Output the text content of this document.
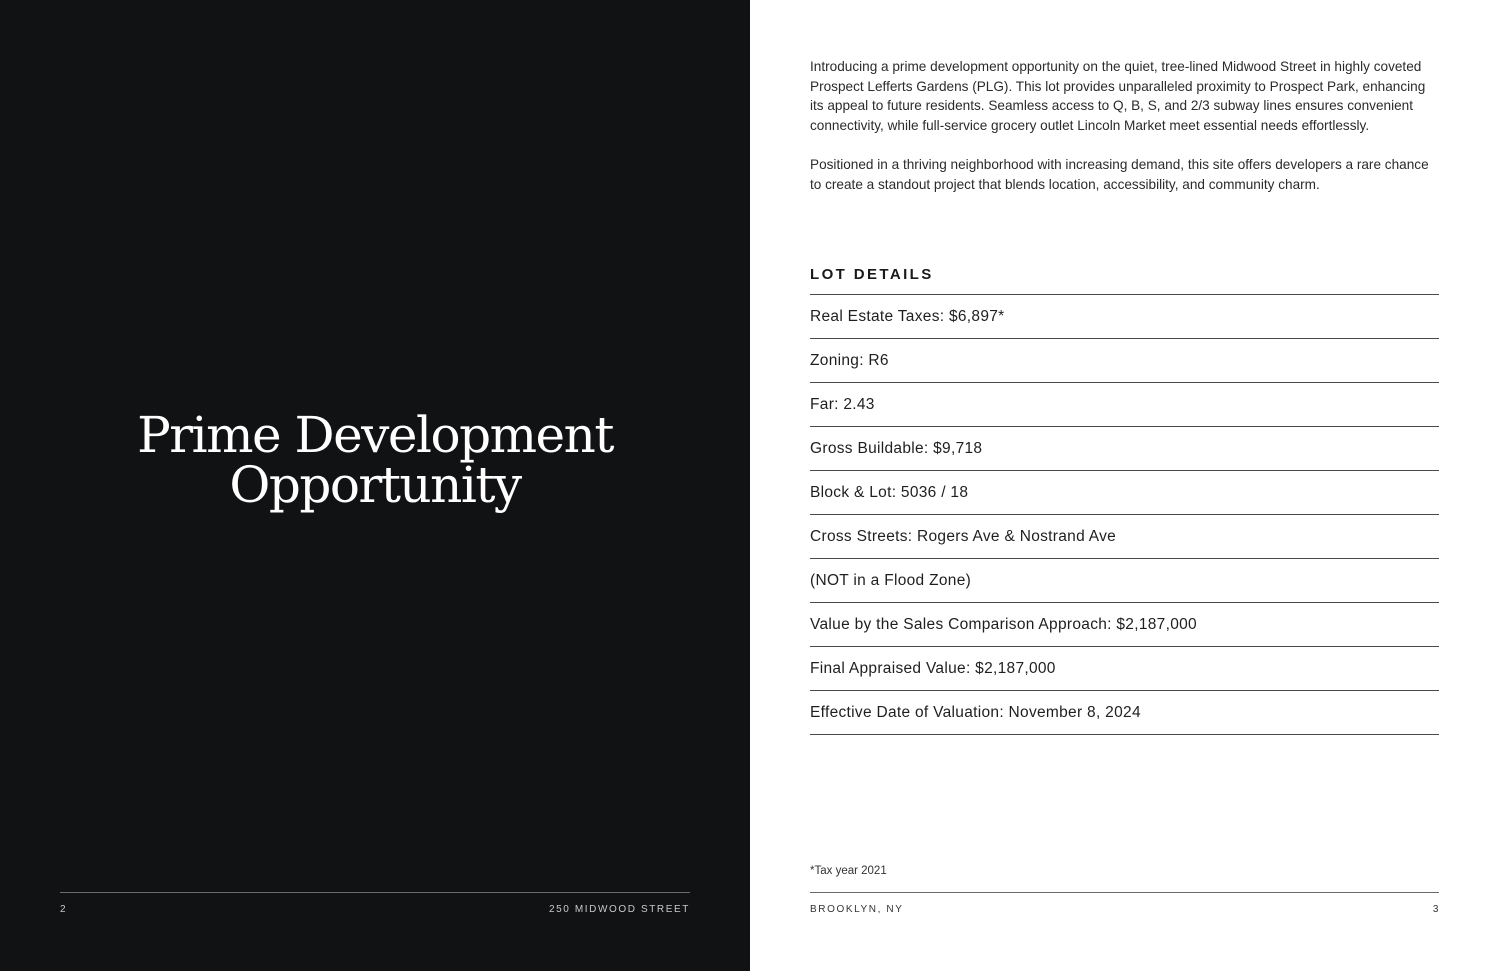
Prime Development
Opportunity
2	250 MIDWOOD STREET

Introducing a prime development opportunity on the quiet, tree-lined Midwood Street in highly coveted Prospect Lefferts Gardens (PLG). This lot provides unparalleled proximity to Prospect Park, enhancing its appeal to future residents. Seamless access to Q, B, S, and 2/3 subway lines ensures convenient connectivity, while full-service grocery outlet Lincoln Market meet essential needs effortlessly.

Positioned in a thriving neighborhood with increasing demand, this site offers developers a rare chance to create a standout project that blends location, accessibility, and community charm.

LOT DETAILS
Real Estate Taxes: $6,897*
Zoning: R6
Far: 2.43
Gross Buildable: $9,718
Block & Lot: 5036 / 18
Cross Streets: Rogers Ave & Nostrand Ave
(NOT in a Flood Zone)
Value by the Sales Comparison Approach: $2,187,000
Final Appraised Value: $2,187,000
Effective Date of Valuation: November 8, 2024
*Tax year 2021
BROOKLYN, NY	3
